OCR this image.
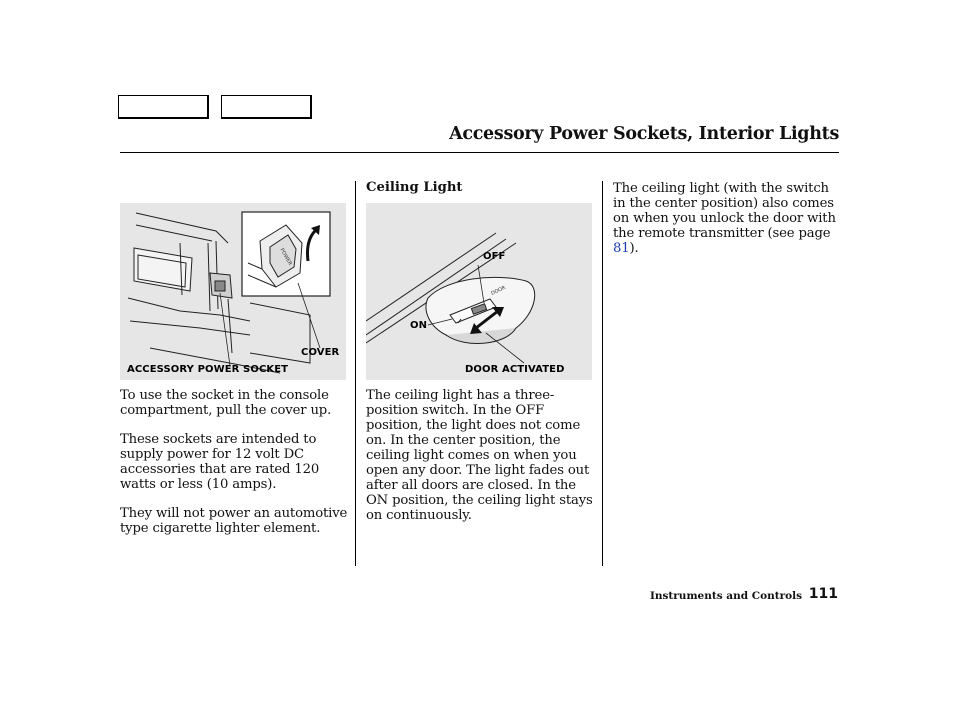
Accessory Power Sockets, Interior Lights
POWER
COVER
ACCESSORY POWER SOCKET
DOOR
OFF
ON
DOOR ACTIVATED

To use the socket in the console compartment, pull the cover up.

These sockets are intended to supply power for 12 volt DC accessories that are rated 120 watts or less (10 amps).

They will not power an automotive type cigarette lighter element.

Ceiling Light

The ceiling light has a three-position switch. In the OFF position, the light does not come on. In the center position, the ceiling light comes on when you open any door. The light fades out after all doors are closed. In the ON position, the ceiling light stays on continuously.

The ceiling light (with the switch in the center position) also comes on when you unlock the door with the remote transmitter (see page 81).

Instruments and Controls 111
